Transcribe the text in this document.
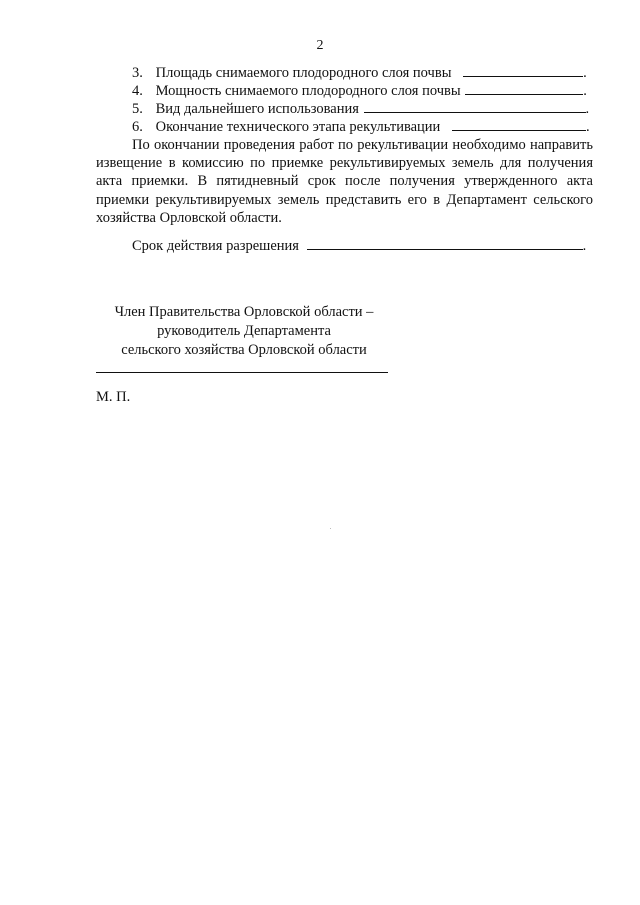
2
3. Площадь снимаемого плодородного слоя почвы	.
4. Мощность снимаемого плодородного слоя почвы	.
5. Вид дальнейшего использования	.
6. Окончание технического этапа рекультивации	.
По окончании проведения работ по рекультивации необходимо направить извещение в комиссию по приемке рекультивируемых земель для получения акта приемки. В пятидневный срок после получения утвержденного акта приемки рекультивируемых земель представить его в Департамент сельского хозяйства Орловской области.
Срок действия разрешения	.
Член Правительства Орловской области –
руководитель Департамента
сельского хозяйства Орловской области
М. П.
